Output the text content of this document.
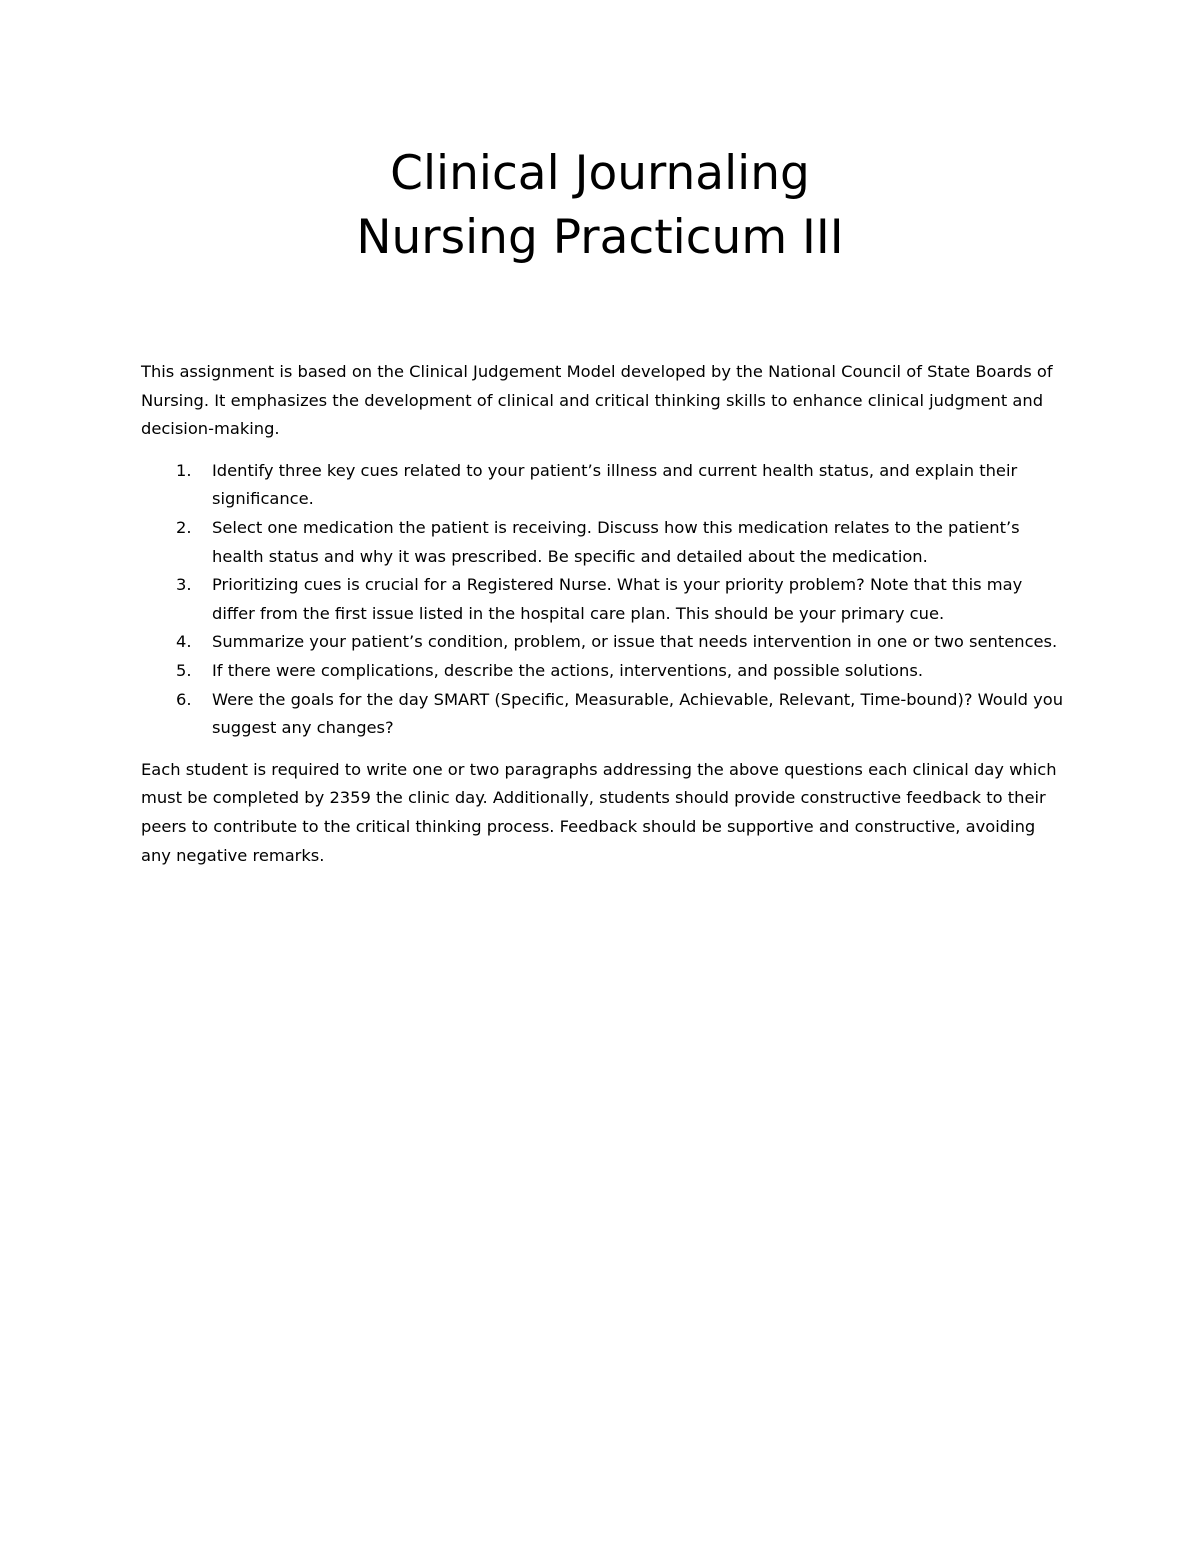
Clinical Journaling
Nursing Practicum III

This assignment is based on the Clinical Judgement Model developed by the National Council of State Boards of Nursing. It emphasizes the development of clinical and critical thinking skills to enhance clinical judgment and decision-making.

1. Identify three key cues related to your patient’s illness and current health status, and explain their significance.
2. Select one medication the patient is receiving. Discuss how this medication relates to the patient’s health status and why it was prescribed. Be specific and detailed about the medication.
3. Prioritizing cues is crucial for a Registered Nurse. What is your priority problem? Note that this may differ from the first issue listed in the hospital care plan. This should be your primary cue.
4. Summarize your patient’s condition, problem, or issue that needs intervention in one or two sentences.
5. If there were complications, describe the actions, interventions, and possible solutions.
6. Were the goals for the day SMART (Specific, Measurable, Achievable, Relevant, Time-bound)? Would you suggest any changes?

Each student is required to write one or two paragraphs addressing the above questions each clinical day which must be completed by 2359 the clinic day. Additionally, students should provide constructive feedback to their peers to contribute to the critical thinking process. Feedback should be supportive and constructive, avoiding any negative remarks.
